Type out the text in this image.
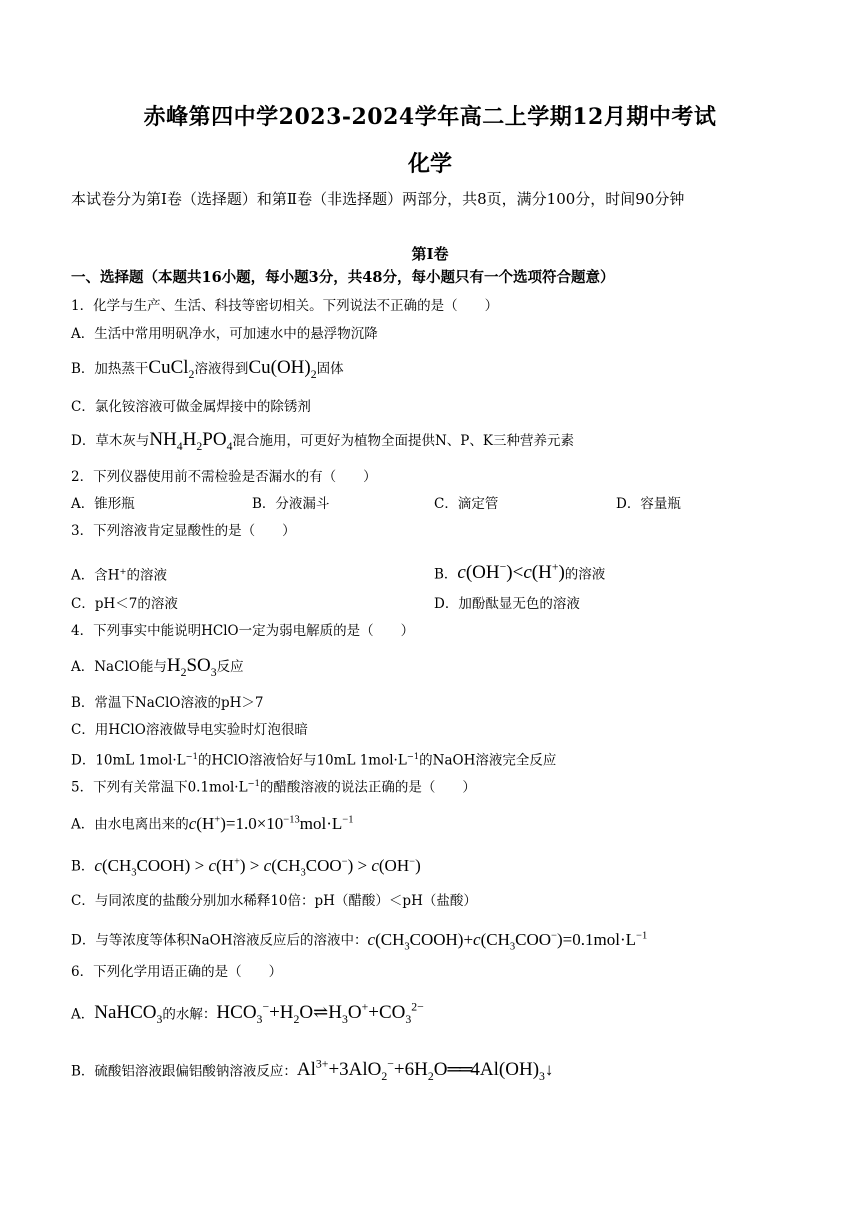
赤峰第四中学2023-2024学年高二上学期12月期中考试
化学
本试卷分为第Ⅰ卷（选择题）和第Ⅱ卷（非选择题）两部分，共8页，满分100分，时间90分钟
第Ⅰ卷
一、选择题（本题共16小题，每小题3分，共48分，每小题只有一个选项符合题意）
1．化学与生产、生活、科技等密切相关。下列说法不正确的是（　　）
A．生活中常用明矾净水，可加速水中的悬浮物沉降
B．加热蒸干CuCl$_2$溶液得到$Cu(OH)_2$固体
C．氯化铵溶液可做金属焊接中的除锈剂
D．草木灰与$NH_4H_2PO_4$混合施用，可更好为植物全面提供N、P、K三种营养元素
2．下列仪器使用前不需检验是否漏水的有（　　）
A．锥形瓶	B．分液漏斗	C．滴定管	D．容量瓶
3．下列溶液肯定显酸性的是（　　）
A．含H+的溶液	B．c(OH−)<c(H+)的溶液
C．pH＜7的溶液	D．加酚酞显无色的溶液
4．下列事实中能说明HClO一定为弱电解质的是（　　）
A．NaClO能与$H_2SO_3$反应
B．常温下NaClO溶液的pH＞7
C．用HClO溶液做导电实验时灯泡很暗
D．10mL $1mol\cdot L^{-1}$的HClO溶液恰好与10mL $1mol\cdot L^{-1}$的NaOH溶液完全反应
5．下列有关常温下$0.1mol\cdot L^{-1}$的醋酸溶液的说法正确的是（　　）
A．由水电离出来的$c(H^+)=1.0\times 10^{-13}mol\cdot L^{-1}$
B．$c(CH_3COOH) > c(H^+) > c(CH_3COO^-) > c(OH^-)$
C．与同浓度的盐酸分别加水稀释10倍：pH（醋酸）＜pH（盐酸）
D．与等浓度等体积NaOH溶液反应后的溶液中：$c(CH_3COOH)+c(CH_3COO^-)=0.1mol\cdot L^{-1}$
6．下列化学用语正确的是（　　）
A．NaHCO$_3$的水解：$HCO_3^-+H_2O\rightleftharpoons H_3O^++CO_3^{2-}$
B．硫酸铝溶液跟偏铝酸钠溶液反应：$Al^{3+}+3AlO_2^-+6H_2O══4Al(OH)_3↓$
